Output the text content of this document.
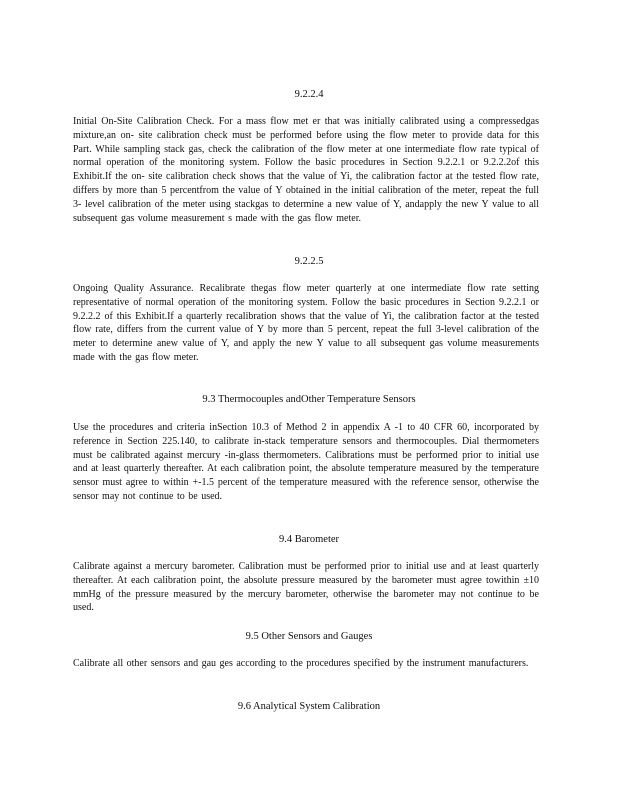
9.2.2.4

Initial On-Site Calibration Check. For a mass flow met er that was initially calibrated using a compressedgas mixture,an on- site calibration check must be performed before using the flow meter to provide data for this Part. While sampling stack gas, check the calibration of the flow meter at one intermediate flow rate typical of normal operation of the monitoring system. Follow the basic procedures in Section 9.2.2.1 or 9.2.2.2of this Exhibit.If the on- site calibration check shows that the value of Yi, the calibration factor at the tested flow rate, differs by more than 5 percentfrom the value of Y obtained in the initial calibration of the meter, repeat the full 3- level calibration of the meter using stackgas to determine a new value of Y, andapply the new Y value to all subsequent gas volume measurement s made with the gas flow meter.

9.2.2.5

Ongoing Quality Assurance. Recalibrate thegas flow meter quarterly at one intermediate flow rate setting representative of normal operation of the monitoring system. Follow the basic procedures in Section 9.2.2.1 or 9.2.2.2 of this Exhibit.If a quarterly recalibration shows that the value of Yi, the calibration factor at the tested flow rate, differs from the current value of Y by more than 5 percent, repeat the full 3-level calibration of the meter to determine anew value of Y, and apply the new Y value to all subsequent gas volume measurements made with the gas flow meter.

9.3 Thermocouples andOther Temperature Sensors

Use the procedures and criteria inSection 10.3 of Method 2 in appendix A -1 to 40 CFR 60, incorporated by reference in Section 225.140, to calibrate in-stack temperature sensors and thermocouples. Dial thermometers must be calibrated against mercury -in-glass thermometers. Calibrations must be performed prior to initial use and at least quarterly thereafter. At each calibration point, the absolute temperature measured by the temperature sensor must agree to within +-1.5 percent of the temperature measured with the reference sensor, otherwise the sensor may not continue to be used.

9.4 Barometer

Calibrate against a mercury barometer. Calibration must be performed prior to initial use and at least quarterly thereafter. At each calibration point, the absolute pressure measured by the barometer must agree towithin ±10 mmHg of the pressure measured by the mercury barometer, otherwise the barometer may not continue to be used.

9.5 Other Sensors and Gauges

Calibrate all other sensors and gau ges according to the procedures specified by the instrument manufacturers.

9.6 Analytical System Calibration
